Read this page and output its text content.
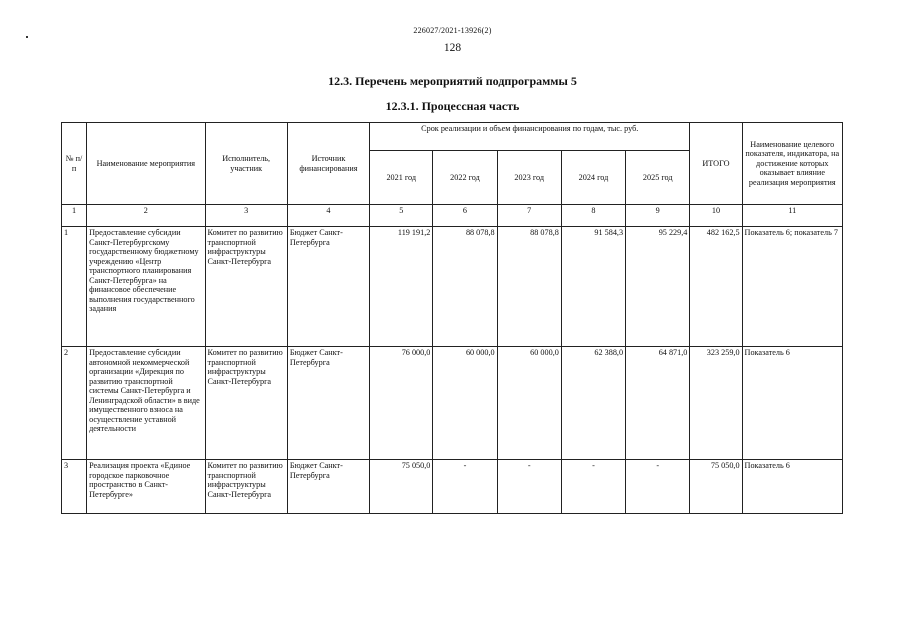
226027/2021-13926(2)
128
12.3. Перечень мероприятий подпрограммы 5
12.3.1. Процессная часть
№ п/п	Наименование мероприятия	Исполнитель, участник	Источник финансирования	Срок реализации и объем финансирования по годам, тыс. руб.					ИТОГО	Наименование целевого показателя, индикатора, на достижение которых оказывает влияние реализация мероприятия
				2021 год	2022 год	2023 год	2024 год	2025 год		
1	2	3	4	5	6	7	8	9	10	11
1	Предоставление субсидии Санкт-Петербургскому государственному бюджетному учреждению «Центр транспортного планирования Санкт-Петербурга» на финансовое обеспечение выполнения государственного задания	Комитет по развитию транспортной инфраструктуры Санкт-Петербурга	Бюджет Санкт-Петербурга	119 191,2	88 078,8	88 078,8	91 584,3	95 229,4	482 162,5	Показатель 6; показатель 7
2	Предоставление субсидии автономной некоммерческой организации «Дирекция по развитию транспортной системы Санкт-Петербурга и Ленинградской области» в виде имущественного взноса на осуществление уставной деятельности	Комитет по развитию транспортной инфраструктуры Санкт-Петербурга	Бюджет Санкт-Петербурга	76 000,0	60 000,0	60 000,0	62 388,0	64 871,0	323 259,0	Показатель 6
3	Реализация проекта «Единое городское парковочное пространство в Санкт-Петербурге»	Комитет по развитию транспортной инфраструктуры Санкт-Петербурга	Бюджет Санкт-Петербурга	75 050,0	-	-	-	-	75 050,0	Показатель 6
